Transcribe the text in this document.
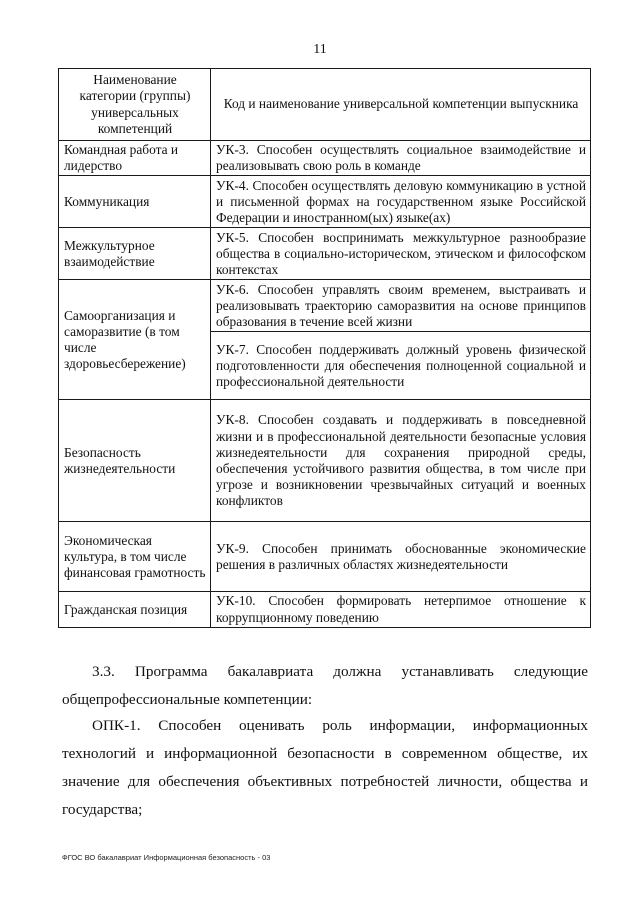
11
Наименование категории (группы) универсальных компетенций	Код и наименование универсальной компетенции выпускника
Командная работа и лидерство	УК-3. Способен осуществлять социальное взаимодействие и реализовывать свою роль в команде
Коммуникация	УК-4. Способен осуществлять деловую коммуникацию в устной и письменной формах на государственном языке Российской Федерации и иностранном(ых) языке(ах)
Межкультурное взаимодействие	УК-5. Способен воспринимать межкультурное разнообразие общества в социально-историческом, этическом и философском контекстах
Самоорганизация и саморазвитие (в том числе здоровьесбережение)	УК-6. Способен управлять своим временем, выстраивать и реализовывать траекторию саморазвития на основе принципов образования в течение всей жизни
	УК-7. Способен поддерживать должный уровень физической подготовленности для обеспечения полноценной социальной и профессиональной деятельности
Безопасность жизнедеятельности	УК-8. Способен создавать и поддерживать в повседневной жизни и в профессиональной деятельности безопасные условия жизнедеятельности для сохранения природной среды, обеспечения устойчивого развития общества, в том числе при угрозе и возникновении чрезвычайных ситуаций и военных конфликтов
Экономическая культура, в том числе финансовая грамотность	УК-9. Способен принимать обоснованные экономические решения в различных областях жизнедеятельности
Гражданская позиция	УК-10. Способен формировать нетерпимое отношение к коррупционному поведению

3.3. Программа бакалавриата должна устанавливать следующие общепрофессиональные компетенции:

ОПК-1. Способен оценивать роль информации, информационных технологий и информационной безопасности в современном обществе, их значение для обеспечения объективных потребностей личности, общества и государства;

ФГОС ВО бакалавриат Информационная безопасность - 03
